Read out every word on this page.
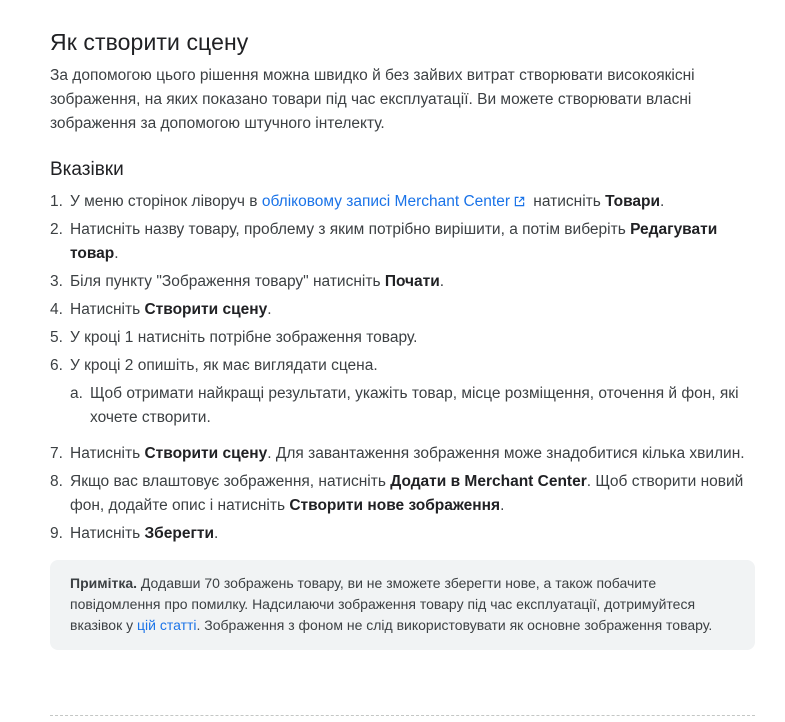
Як створити сцену

За допомогою цього рішення можна швидко й без зайвих витрат створювати високоякісні зображення, на яких показано товари під час експлуатації. Ви можете створювати власні зображення за допомогою штучного інтелекту.

Вказівки
1. У меню сторінок ліворуч в обліковому записі Merchant Center натисніть Товари.
2. Натисніть назву товару, проблему з яким потрібно вирішити, а потім виберіть Редагувати товар.
3. Біля пункту "Зображення товару" натисніть Почати.
4. Натисніть Створити сцену.
5. У кроці 1 натисніть потрібне зображення товару.
6. У кроці 2 опишіть, як має виглядати сцена.
a. Щоб отримати найкращі результати, укажіть товар, місце розміщення, оточення й фон, які хочете створити.
7. Натисніть Створити сцену. Для завантаження зображення може знадобитися кілька хвилин.
8. Якщо вас влаштовує зображення, натисніть Додати в Merchant Center. Щоб створити новий фон, додайте опис і натисніть Створити нове зображення.
9. Натисніть Зберегти.
Примітка. Додавши 70 зображень товару, ви не зможете зберегти нове, а також побачите повідомлення про помилку. Надсилаючи зображення товару під час експлуатації, дотримуйтеся вказівок у цій статті. Зображення з фоном не слід використовувати як основне зображення товару.
